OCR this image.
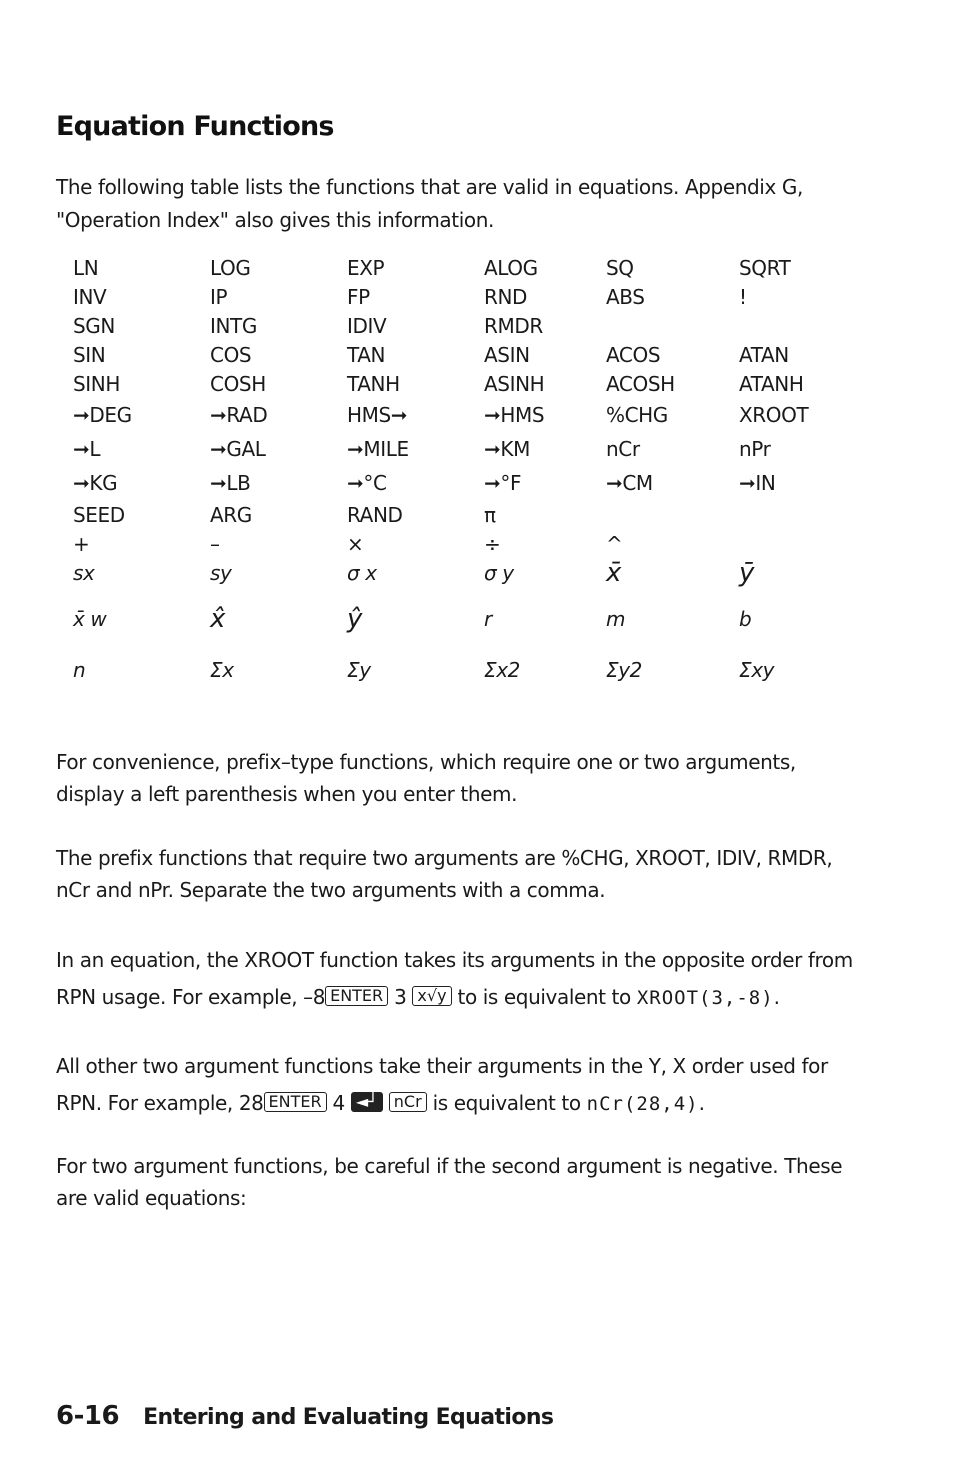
Equation Functions

The following table lists the functions that are valid in equations. Appendix G, "Operation Index" also gives this information.

LN	LOG	EXP	ALOG	SQ	SQRT
INV	IP	FP	RND	ABS	!
SGN	INTG	IDIV	RMDR		
SIN	COS	TAN	ASIN	ACOS	ATAN
SINH	COSH	TANH	ASINH	ACOSH	ATANH
➞DEG	➞RAD	HMS➞	➞HMS	%CHG	XROOT
➞L	➞GAL	➞MILE	➞KM	nCr	nPr
➞KG	➞LB	➞°C	➞°F	➞CM	➞IN
SEED	ARG	RAND	π		
+	–	×	÷	^	
sx	sy	σ x	σ y	x̄	ȳ
x̄ w	x̂	ŷ	r	m	b
n	Σx	Σy	Σx2	Σy2	Σxy

For convenience, prefix–type functions, which require one or two arguments, display a left parenthesis when you enter them.

The prefix functions that require two arguments are %CHG, XROOT, IDIV, RMDR, nCr and nPr. Separate the two arguments with a comma.

In an equation, the XROOT function takes its arguments in the opposite order from
RPN usage. For example, –8 ENTER 3 x√y to is equivalent to XROOT(3,-8).
All other two argument functions take their arguments in the Y, X order used for
RPN. For example, 28 ENTER 4 ◄┘ nCr is equivalent to nCr(28,4).

For two argument functions, be careful if the second argument is negative. These are valid equations:

6-16 Entering and Evaluating Equations
